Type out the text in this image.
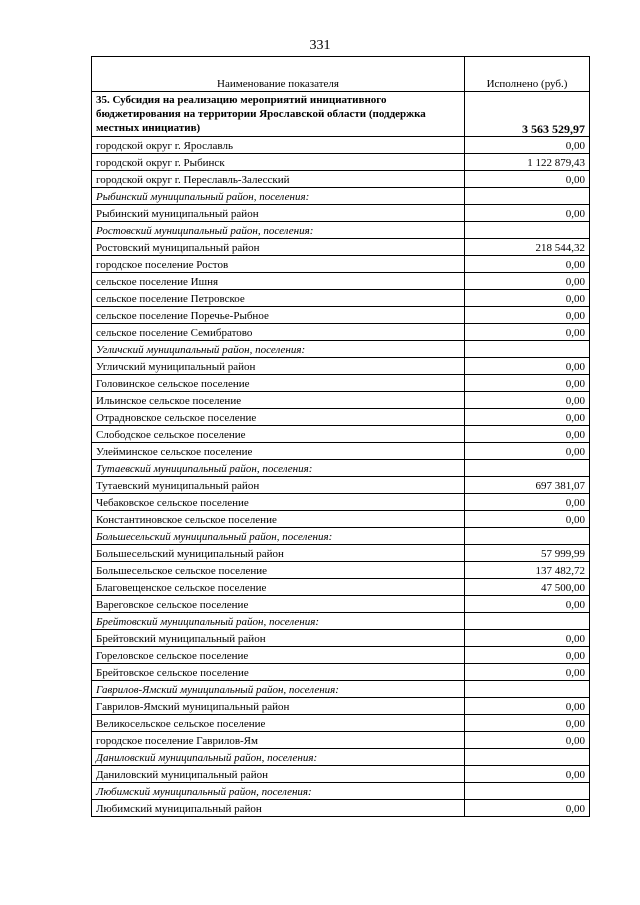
331
Наименование показателя	Исполнено (руб.)
35. Субсидия на реализацию мероприятий инициативного бюджетирования на территории Ярославской области (поддержка местных инициатив)	3 563 529,97
городской округ г. Ярославль	0,00
городской округ г. Рыбинск	1 122 879,43
городской округ г. Переславль-Залесский	0,00
Рыбинский муниципальный район, поселения:	
Рыбинский муниципальный район	0,00
Ростовский муниципальный район, поселения:	
Ростовский муниципальный район	218 544,32
городское поселение Ростов	0,00
сельское поселение Ишня	0,00
сельское поселение Петровское	0,00
сельское поселение Поречье-Рыбное	0,00
сельское поселение Семибратово	0,00
Угличский муниципальный район, поселения:	
Угличский муниципальный район	0,00
Головинское сельское поселение	0,00
Ильинское сельское поселение	0,00
Отрадновское сельское поселение	0,00
Слободское сельское поселение	0,00
Улейминское сельское поселение	0,00
Тутаевский муниципальный район, поселения:	
Тутаевский муниципальный район	697 381,07
Чебаковское сельское поселение	0,00
Константиновское сельское поселение	0,00
Большесельский муниципальный район, поселения:	
Большесельский муниципальный район	57 999,99
Большесельское сельское поселение	137 482,72
Благовещенское сельское поселение	47 500,00
Вареговское сельское поселение	0,00
Брейтовский муниципальный район, поселения:	
Брейтовский муниципальный район	0,00
Гореловское сельское поселение	0,00
Брейтовское сельское поселение	0,00
Гаврилов-Ямский муниципальный район, поселения:	
Гаврилов-Ямский муниципальный район	0,00
Великосельское сельское поселение	0,00
городское поселение Гаврилов-Ям	0,00
Даниловский муниципальный район, поселения:	
Даниловский муниципальный район	0,00
Любимский муниципальный район, поселения:	
Любимский муниципальный район	0,00
